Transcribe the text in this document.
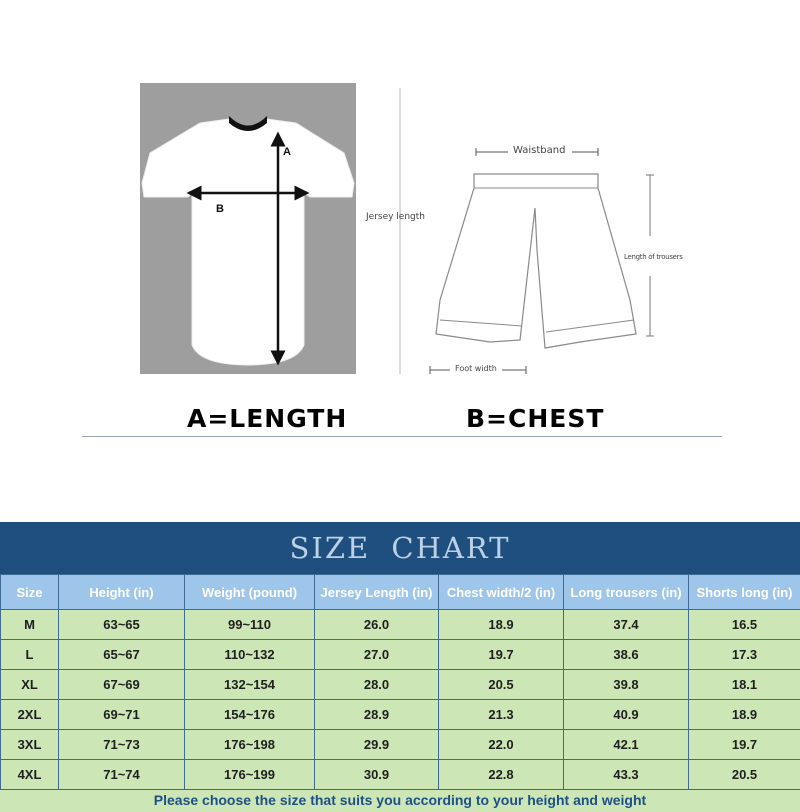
A
B
Jersey length
Waistband
Length of trousers
Foot width
A=LENGTH	B=CHEST
SIZE CHART
Size	Height (in)	Weight (pound)	Jersey Length (in)	Chest width/2 (in)	Long trousers (in)	Shorts long (in)
M	63~65	99~110	26.0	18.9	37.4	16.5
L	65~67	110~132	27.0	19.7	38.6	17.3
XL	67~69	132~154	28.0	20.5	39.8	18.1
2XL	69~71	154~176	28.9	21.3	40.9	18.9
3XL	71~73	176~198	29.9	22.0	42.1	19.7
4XL	71~74	176~199	30.9	22.8	43.3	20.5
Please choose the size that suits you according to your height and weight
